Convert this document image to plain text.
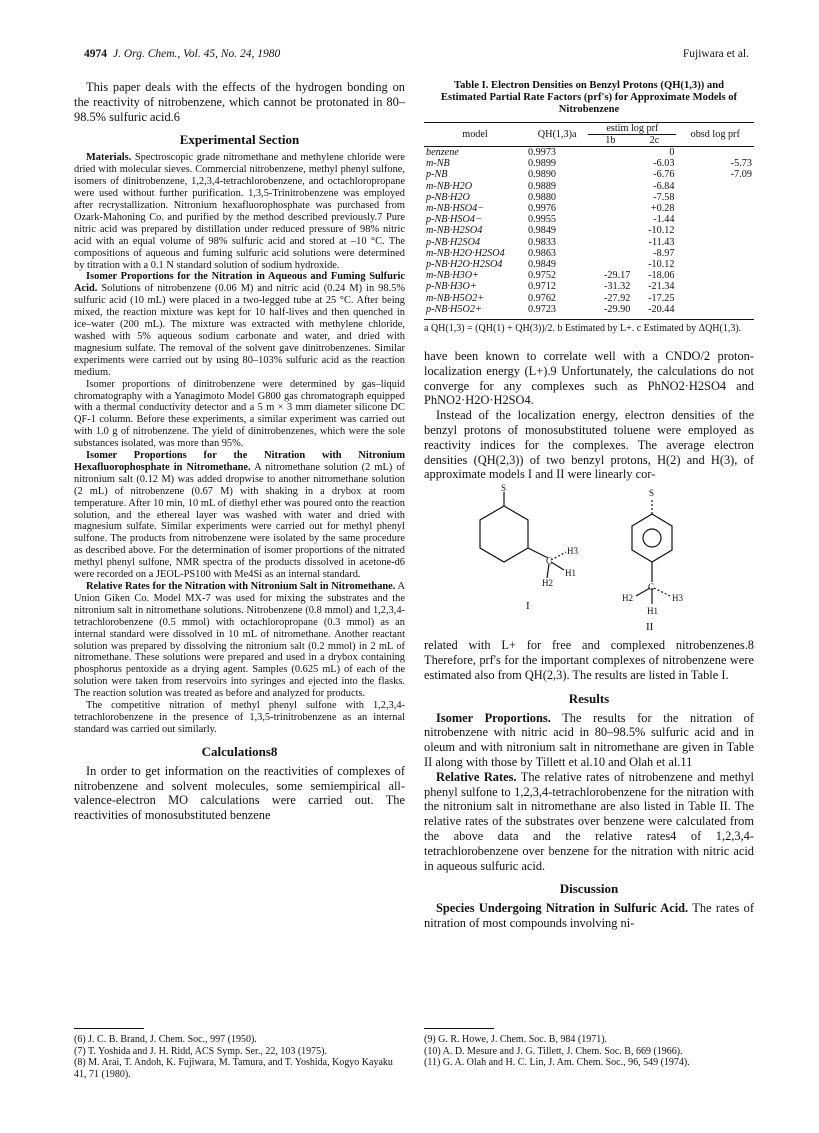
4974 J. Org. Chem., Vol. 45, No. 24, 1980	Fujiwara et al.

This paper deals with the effects of the hydrogen bonding on the reactivity of nitrobenzene, which cannot be protonated in 80–98.5% sulfuric acid.6

Experimental Section

Materials. Spectroscopic grade nitromethane and methylene chloride were dried with molecular sieves. Commercial nitrobenzene, methyl phenyl sulfone, isomers of dinitrobenzene, 1,2,3,4-tetrachlorobenzene, and octachloropropane were used without further purification. 1,3,5-Trinitrobenzene was employed after recrystallization. Nitronium hexafluorophosphate was purchased from Ozark-Mahoning Co. and purified by the method described previously.7 Pure nitric acid was prepared by distillation under reduced pressure of 98% nitric acid with an equal volume of 98% sulfuric acid and stored at –10 °C. The compositions of aqueous and fuming sulfuric acid solutions were determined by titration with a 0.1 N standard solution of sodium hydroxide.

Isomer Proportions for the Nitration in Aqueous and Fuming Sulfuric Acid. Solutions of nitrobenzene (0.06 M) and nitric acid (0.24 M) in 98.5% sulfuric acid (10 mL) were placed in a two-legged tube at 25 °C. After being mixed, the reaction mixture was kept for 10 half-lives and then quenched in ice–water (200 mL). The mixture was extracted with methylene chloride, washed with 5% aqueous sodium carbonate and water, and dried with magnesium sulfate. The removal of the solvent gave dinitrobenzenes. Similar experiments were carried out by using 80–103% sulfuric acid as the reaction medium.

Isomer proportions of dinitrobenzene were determined by gas–liquid chromatography with a Yanagimoto Model G800 gas chromatograph equipped with a thermal conductivity detector and a 5 m × 3 mm diameter silicone DC QF-1 column. Before these experiments, a similar experiment was carried out with 1.0 g of nitrobenzene. The yield of dinitrobenzenes, which were the sole substances isolated, was more than 95%.

Isomer Proportions for the Nitration with Nitronium Hexafluorophosphate in Nitromethane. A nitromethane solution (2 mL) of nitronium salt (0.12 M) was added dropwise to another nitromethane solution (2 mL) of nitrobenzene (0.67 M) with shaking in a drybox at room temperature. After 10 min, 10 mL of diethyl ether was poured onto the reaction solution, and the ethereal layer was washed with water and dried with magnesium sulfate. Similar experiments were carried out for methyl phenyl sulfone. The products from nitrobenzene were isolated by the same procedure as described above. For the determination of isomer proportions of the nitrated methyl phenyl sulfone, NMR spectra of the products dissolved in acetone-d6 were recorded on a JEOL-PS100 with Me4Si as an internal standard.

Relative Rates for the Nitration with Nitronium Salt in Nitromethane. A Union Giken Co. Model MX-7 was used for mixing the substrates and the nitronium salt in nitromethane solutions. Nitrobenzene (0.8 mmol) and 1,2,3,4-tetrachlorobenzene (0.5 mmol) with octachloropropane (0.3 mmol) as an internal standard were dissolved in 10 mL of nitromethane. Another reactant solution was prepared by dissolving the nitronium salt (0.2 mmol) in 2 mL of nitromethane. These solutions were prepared and used in a drybox containing phosphorus pentoxide as a drying agent. Samples (0.625 mL) of each of the solution were taken from reservoirs into syringes and ejected into the flasks. The reaction solution was treated as before and analyzed for products.

The competitive nitration of methyl phenyl sulfone with 1,2,3,4-tetrachlorobenzene in the presence of 1,3,5-trinitrobenzene as an internal standard was carried out similarly.

Calculations8

In order to get information on the reactivities of complexes of nitrobenzene and solvent molecules, some semiempirical all-valence-electron MO calculations were carried out. The reactivities of monosubstituted benzene

Table I. Electron Densities on Benzyl Protons (QH(1,3)) and Estimated Partial Rate Factors (prf's) for Approximate Models of Nitrobenzene
model	QH(1,3)a	estim log prf		obsd log prf
		1b	2c	
benzene	0.9973		0	
m-NB	0.9899		-6.03	-5.73
p-NB	0.9890		-6.76	-7.09
m-NB·H2O	0.9889		-6.84	
p-NB·H2O	0.9880		-7.58	
m-NB·HSO4−	0.9976		+0.28	
p-NB·HSO4−	0.9955		-1.44	
m-NB·H2SO4	0.9849		-10.12	
p-NB·H2SO4	0.9833		-11.43	
m-NB·H2O·H2SO4	0.9863		-8.97	
p-NB·H2O·H2SO4	0.9849		-10.12	
m-NB·H3O+	0.9752	-29.17	-18.06	
p-NB·H3O+	0.9712	-31.32	-21.34	
m-NB·H5O2+	0.9762	-27.92	-17.25	
p-NB·H5O2+	0.9723	-29.90	-20.44	
a QH(1,3) = (QH(1) + QH(3))/2. b Estimated by L+. c Estimated by ΔQH(1,3).

have been known to correlate well with a CNDO/2 proton-localization energy (L+).9 Unfortunately, the calculations do not converge for any complexes such as PhNO2·H2SO4 and PhNO2·H2O·H2SO4.

Instead of the localization energy, electron densities of the benzyl protons of monosubstituted toluene were employed as reactivity indices for the complexes. The average electron densities (QH(2,3)) of two benzyl protons, H(2) and H(3), of approximate models I and II were linearly cor-

S
C
H3
H1
H2
I
S
C
H2
H1
H3
II

related with L+ for free and complexed nitrobenzenes.8 Therefore, prf's for the important complexes of nitrobenzene were estimated also from QH(2,3). The results are listed in Table I.

Results

Isomer Proportions. The results for the nitration of nitrobenzene with nitric acid in 80–98.5% sulfuric acid and in oleum and with nitronium salt in nitromethane are given in Table II along with those by Tillett et al.10 and Olah et al.11

Relative Rates. The relative rates of nitrobenzene and methyl phenyl sulfone to 1,2,3,4-tetrachlorobenzene for the nitration with the nitronium salt in nitromethane are also listed in Table II. The relative rates of the substrates over benzene were calculated from the above data and the relative rates4 of 1,2,3,4-tetrachlorobenzene over benzene for the nitration with nitric acid in aqueous sulfuric acid.

Discussion

Species Undergoing Nitration in Sulfuric Acid. The rates of nitration of most compounds involving ni-

(6) J. C. B. Brand, J. Chem. Soc., 997 (1950).
(7) T. Yoshida and J. H. Ridd, ACS Symp. Ser., 22, 103 (1975).
(8) M. Arai, T. Andoh, K. Fujiwara, M. Tamura, and T. Yoshida, Kogyo Kayaku 41, 71 (1980).
(9) G. R. Howe, J. Chem. Soc. B, 984 (1971).
(10) A. D. Mesure and J. G. Tillett, J. Chem. Soc. B, 669 (1966).
(11) G. A. Olah and H. C. Lin, J. Am. Chem. Soc., 96, 549 (1974).
